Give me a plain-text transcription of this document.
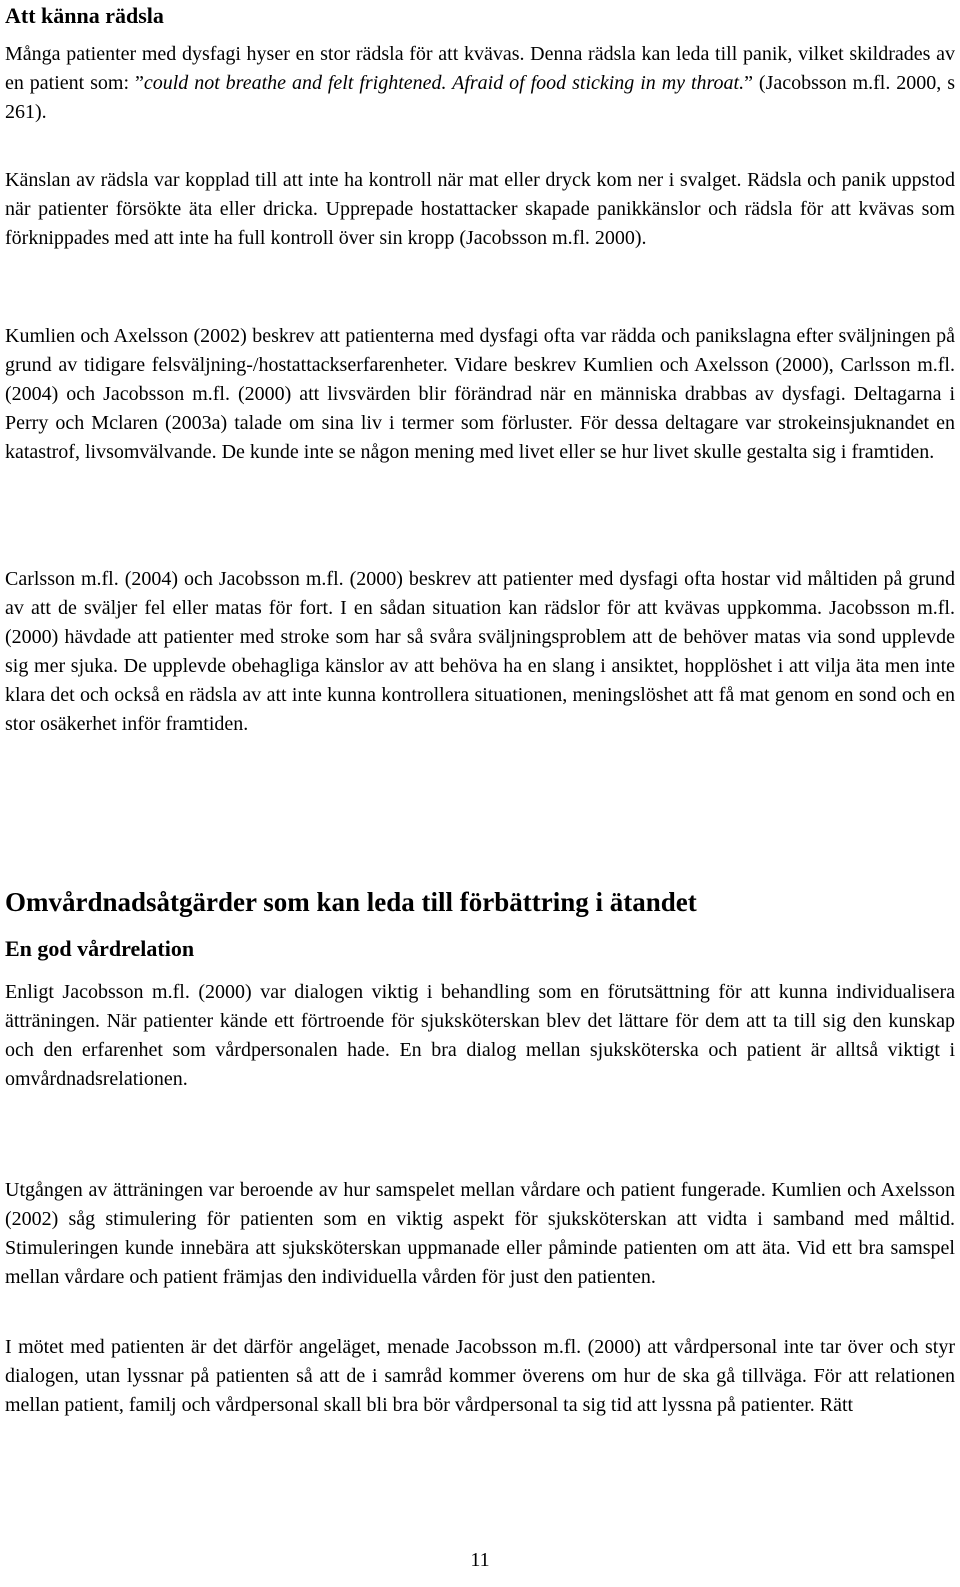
Att känna rädsla

Många patienter med dysfagi hyser en stor rädsla för att kvävas. Denna rädsla kan leda till panik, vilket skildrades av en patient som: ”could not breathe and felt frightened. Afraid of food sticking in my throat.” (Jacobsson m.fl. 2000, s 261).

Känslan av rädsla var kopplad till att inte ha kontroll när mat eller dryck kom ner i svalget. Rädsla och panik uppstod när patienter försökte äta eller dricka. Upprepade hostattacker skapade panikkänslor och rädsla för att kvävas som förknippades med att inte ha full kontroll över sin kropp (Jacobsson m.fl. 2000).

Kumlien och Axelsson (2002) beskrev att patienterna med dysfagi ofta var rädda och panikslagna efter sväljningen på grund av tidigare felsväljning-/hostattackserfarenheter. Vidare beskrev Kumlien och Axelsson (2000), Carlsson m.fl. (2004) och Jacobsson m.fl. (2000) att livsvärden blir förändrad när en människa drabbas av dysfagi. Deltagarna i Perry och Mclaren (2003a) talade om sina liv i termer som förluster. För dessa deltagare var strokeinsjuknandet en katastrof, livsomvälvande. De kunde inte se någon mening med livet eller se hur livet skulle gestalta sig i framtiden.

Carlsson m.fl. (2004) och Jacobsson m.fl. (2000) beskrev att patienter med dysfagi ofta hostar vid måltiden på grund av att de sväljer fel eller matas för fort. I en sådan situation kan rädslor för att kvävas uppkomma. Jacobsson m.fl. (2000) hävdade att patienter med stroke som har så svåra sväljningsproblem att de behöver matas via sond upplevde sig mer sjuka. De upplevde obehagliga känslor av att behöva ha en slang i ansiktet, hopplöshet i att vilja äta men inte klara det och också en rädsla av att inte kunna kontrollera situationen, meningslöshet att få mat genom en sond och en stor osäkerhet inför framtiden.

Omvårdnadsåtgärder som kan leda till förbättring i ätandet
En god vårdrelation

Enligt Jacobsson m.fl. (2000) var dialogen viktig i behandling som en förutsättning för att kunna individualisera ätträningen. När patienter kände ett förtroende för sjuksköterskan blev det lättare för dem att ta till sig den kunskap och den erfarenhet som vårdpersonalen hade. En bra dialog mellan sjuksköterska och patient är alltså viktigt i omvårdnadsrelationen.

Utgången av ätträningen var beroende av hur samspelet mellan vårdare och patient fungerade. Kumlien och Axelsson (2002) såg stimulering för patienten som en viktig aspekt för sjuksköterskan att vidta i samband med måltid. Stimuleringen kunde innebära att sjuksköterskan uppmanade eller påminde patienten om att äta. Vid ett bra samspel mellan vårdare och patient främjas den individuella vården för just den patienten.

I mötet med patienten är det därför angeläget, menade Jacobsson m.fl. (2000) att vårdpersonal inte tar över och styr dialogen, utan lyssnar på patienten så att de i samråd kommer överens om hur de ska gå tillväga. För att relationen mellan patient, familj och vårdpersonal skall bli bra bör vårdpersonal ta sig tid att lyssna på patienter. Rätt

11
